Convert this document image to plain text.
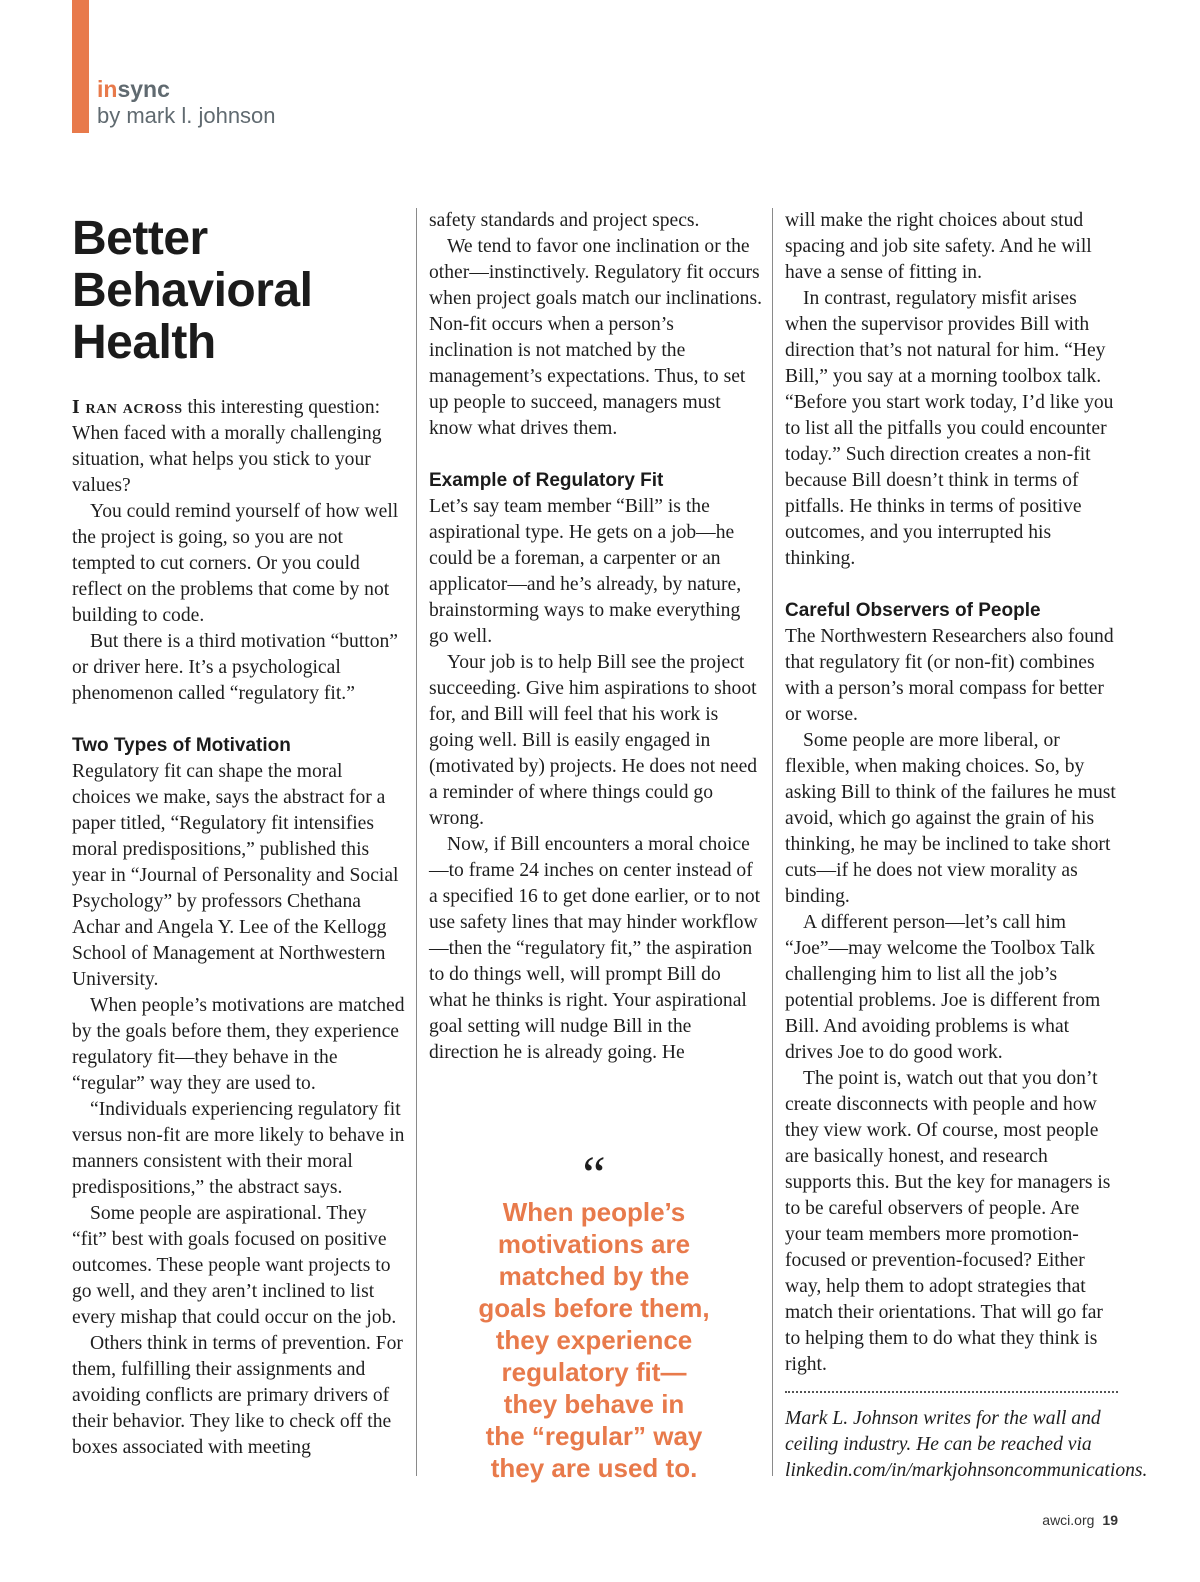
insync
by mark l. johnson
Better Behavioral Health

I ran across this interesting question: When faced with a morally challenging situation, what helps you stick to your values?

You could remind yourself of how well the project is going, so you are not tempted to cut corners. Or you could reflect on the problems that come by not building to code.

But there is a third motivation “button” or driver here. It’s a psychological phenomenon called “regulatory fit.”

Two Types of Motivation

Regulatory fit can shape the moral choices we make, says the abstract for a paper titled, “Regulatory fit intensifies moral predispositions,” published this year in “Journal of Personality and Social Psychology” by professors Chethana Achar and Angela Y. Lee of the Kellogg School of Management at Northwestern University.

When people’s motivations are matched by the goals before them, they experience regulatory fit—they behave in the “regular” way they are used to.

“Individuals experiencing regulatory fit versus non-fit are more likely to behave in manners consistent with their moral predispositions,” the abstract says.

Some people are aspirational. They “fit” best with goals focused on positive outcomes. These people want projects to go well, and they aren’t inclined to list every mishap that could occur on the job.

Others think in terms of prevention. For them, fulfilling their assignments and avoiding conflicts are primary drivers of their behavior. They like to check off the boxes associated with meeting

safety standards and project specs.

We tend to favor one inclination or the other—instinctively. Regulatory fit occurs when project goals match our inclinations. Non-fit occurs when a person’s inclination is not matched by the management’s expectations. Thus, to set up people to succeed, managers must know what drives them.

Example of Regulatory Fit

Let’s say team member “Bill” is the aspirational type. He gets on a job—he could be a foreman, a carpenter or an applicator—and he’s already, by nature, brainstorming ways to make everything go well.

Your job is to help Bill see the project succeeding. Give him aspirations to shoot for, and Bill will feel that his work is going well. Bill is easily engaged in (motivated by) projects. He does not need a reminder of where things could go wrong.

Now, if Bill encounters a moral choice—to frame 24 inches on center instead of a specified 16 to get done earlier, or to not use safety lines that may hinder workflow—then the “regulatory fit,” the aspiration to do things well, will prompt Bill do what he thinks is right. Your aspirational goal setting will nudge Bill in the direction he is already going. He

“
When people’s
motivations are
matched by the
goals before them,
they experience
regulatory fit—
they behave in
the “regular” way
they are used to.

will make the right choices about stud spacing and job site safety. And he will have a sense of fitting in.

In contrast, regulatory misfit arises when the supervisor provides Bill with direction that’s not natural for him. “Hey Bill,” you say at a morning toolbox talk. “Before you start work today, I’d like you to list all the pitfalls you could encounter today.” Such direction creates a non-fit because Bill doesn’t think in terms of pitfalls. He thinks in terms of positive outcomes, and you interrupted his thinking.

Careful Observers of People

The Northwestern Researchers also found that regulatory fit (or non-fit) combines with a person’s moral compass for better or worse.

Some people are more liberal, or flexible, when making choices. So, by asking Bill to think of the failures he must avoid, which go against the grain of his thinking, he may be inclined to take short cuts—if he does not view morality as binding.

A different person—let’s call him “Joe”—may welcome the Toolbox Talk challenging him to list all the job’s potential problems. Joe is different from Bill. And avoiding problems is what drives Joe to do good work.

The point is, watch out that you don’t create disconnects with people and how they view work. Of course, most people are basically honest, and research supports this. But the key for managers is to be careful observers of people. Are your team members more promotion-focused or prevention-focused? Either way, help them to adopt strategies that match their orientations. That will go far to helping them to do what they think is right.

Mark L. Johnson writes for the wall and ceiling industry. He can be reached via linkedin.com/in/markjohnsoncommunications.
awci.org 19
